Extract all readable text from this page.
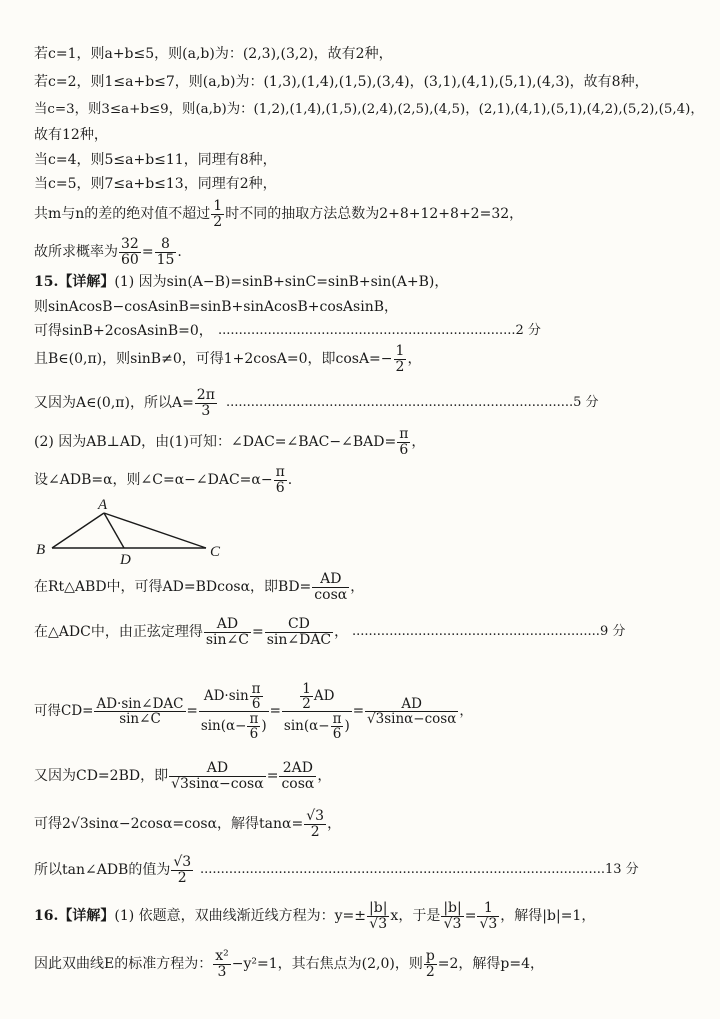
若c=1，则a+b≤5，则(a,b)为：(2,3),(3,2)，故有2种，
若c=2，则1≤a+b≤7，则(a,b)为：(1,3),(1,4),(1,5),(3,4)，(3,1),(4,1),(5,1),(4,3)，故有8种，
当c=3，则3≤a+b≤9，则(a,b)为：(1,2),(1,4),(1,5),(2,4),(2,5),(4,5)，(2,1),(4,1),(5,1),(4,2),(5,2),(5,4)，
故有12种，
当c=4，则5≤a+b≤11，同理有8种，
当c=5，则7≤a+b≤13，同理有2种，
共m与n的差的绝对值不超过 $\frac{1}{2}$ 时不同的抽取方法总数为2+8+12+8+2=32，
故所求概率为 $\frac{32}{60} = \frac{8}{15}$ .
15.【详解】(1) 因为sin(A−B)=sinB+sinC=sinB+sin(A+B)，
则sinAcosB−cosAsinB=sinB+sinAcosB+cosAsinB，
可得sinB+2cosAsinB=0， ........................................................................2 分
且B∈(0,π)，则sinB≠0，可得1+2cosA=0，即$\cos A=- \frac{1}{2}$ ，
又因为A∈(0,π)，所以$A= \frac{2\pi}{3} ....................................................................................5$ 分
(2) 因为AB⊥AD，由(1)可知：∠DAC=∠BAC−∠BAD= $\frac{\pi}{6}$ ，
设∠ADB=α，则∠C=α−∠DAC=α− $\frac{\pi}{6}$ .
A
B	C
D
在Rt△ABD中，可得AD=BDcosα，即$BD= \frac{AD}{\cos\alpha}$ ，
在△ADC中，由正弦定理得 $\frac{AD}{\sin\angle C} = \frac{CD}{\text{sin∠DAC}}$ ， ............................................................9 分
可得$CD= \frac{\text{AD·sin∠DAC}}{\sin\angle C} = \frac{AD\cdot\sin \frac{\pi}{6}}{\sin(\alpha- \frac{\pi}{6} )} = \frac{\frac{1}{2} AD}{\sin(\alpha- \frac{\pi}{6} )} = \frac{AD}{√3\sin\alpha-\cos\alpha}$ ，
又因为CD=2BD，即 $\frac{AD}{√3\sin\alpha-\cos\alpha} = \frac{2AD}{\cos\alpha}$ ，
可得2√3sinα−2cosα=cosα，解得$\tan\alpha= \frac{√3}{2}$ ，
所以tan∠ADB的值为 $\frac{√3}{2} ..................................................................................................13$ 分
16.【详解】(1) 依题意，双曲线渐近线方程为：$y=\pm \frac{|b|}{√3}$ x，于是 $\frac{|b|}{√3} = \frac{1}{√3}$ ，解得|b|=1，
因此双曲线E的标准方程为： $\frac{\text{x²}}{3} -y^2=1$，其右焦点为(2,0)，则 $\frac{p}{2} =2$，解得p=4，
